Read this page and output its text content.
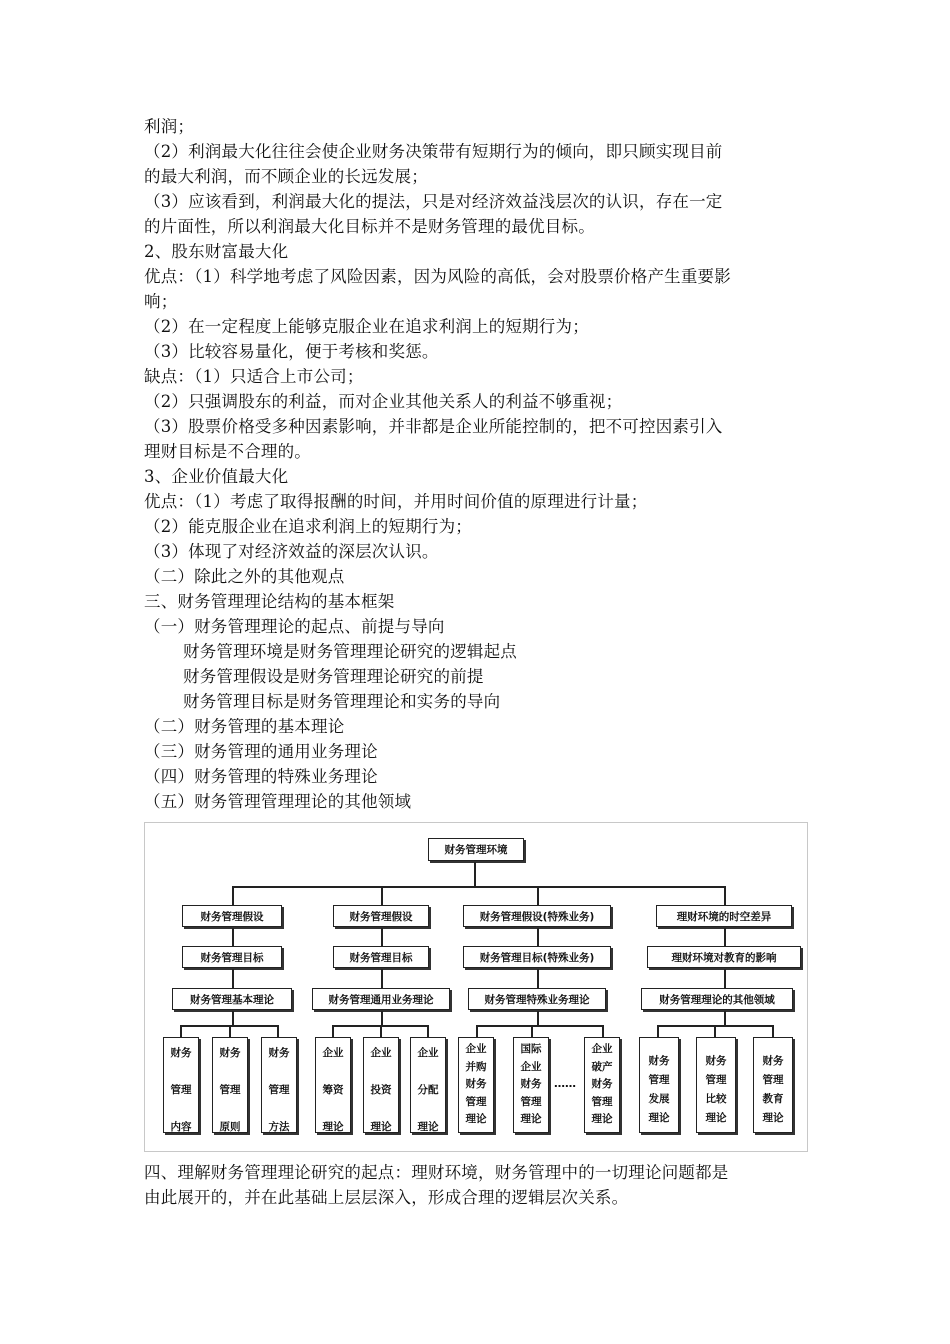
利润；
（2）利润最大化往往会使企业财务决策带有短期行为的倾向，即只顾实现目前
的最大利润，而不顾企业的长远发展；
（3）应该看到，利润最大化的提法，只是对经济效益浅层次的认识，存在一定
的片面性，所以利润最大化目标并不是财务管理的最优目标。
2、股东财富最大化
优点：（1）科学地考虑了风险因素，因为风险的高低，会对股票价格产生重要影
响；
（2）在一定程度上能够克服企业在追求利润上的短期行为；
（3）比较容易量化，便于考核和奖惩。
缺点：（1）只适合上市公司；
（2）只强调股东的利益，而对企业其他关系人的利益不够重视；
（3）股票价格受多种因素影响，并非都是企业所能控制的，把不可控因素引入
理财目标是不合理的。
3、企业价值最大化
优点：（1）考虑了取得报酬的时间，并用时间价值的原理进行计量；
（2）能克服企业在追求利润上的短期行为；
（3）体现了对经济效益的深层次认识。
（二）除此之外的其他观点
三、财务管理理论结构的基本框架
（一）财务管理理论的起点、前提与导向
财务管理环境是财务管理理论研究的逻辑起点
财务管理假设是财务管理理论研究的前提
财务管理目标是财务管理理论和实务的导向
（二）财务管理的基本理论
（三）财务管理的通用业务理论
（四）财务管理的特殊业务理论
（五）财务管理管理理论的其他领域
财务管理环境
财务管理假设
财务管理目标
财务管理基本理论
财务

管理

内容
财务

管理

原则
财务

管理

方法
财务管理假设
财务管理目标
财务管理通用业务理论
企业

筹资

理论
企业

投资

理论
企业

分配

理论
财务管理假设(特殊业务)
财务管理目标(特殊业务)
财务管理特殊业务理论
企业
并购
财务
管理
理论
国际
企业
财务
管理
理论
……
企业
破产
财务
管理
理论
理财环境的时空差异
理财环境对教育的影响
财务管理理论的其他领域
财务
管理
发展
理论
财务
管理
比较
理论
财务
管理
教育
理论
四、理解财务管理理论研究的起点：理财环境，财务管理中的一切理论问题都是
由此展开的，并在此基础上层层深入，形成合理的逻辑层次关系。
